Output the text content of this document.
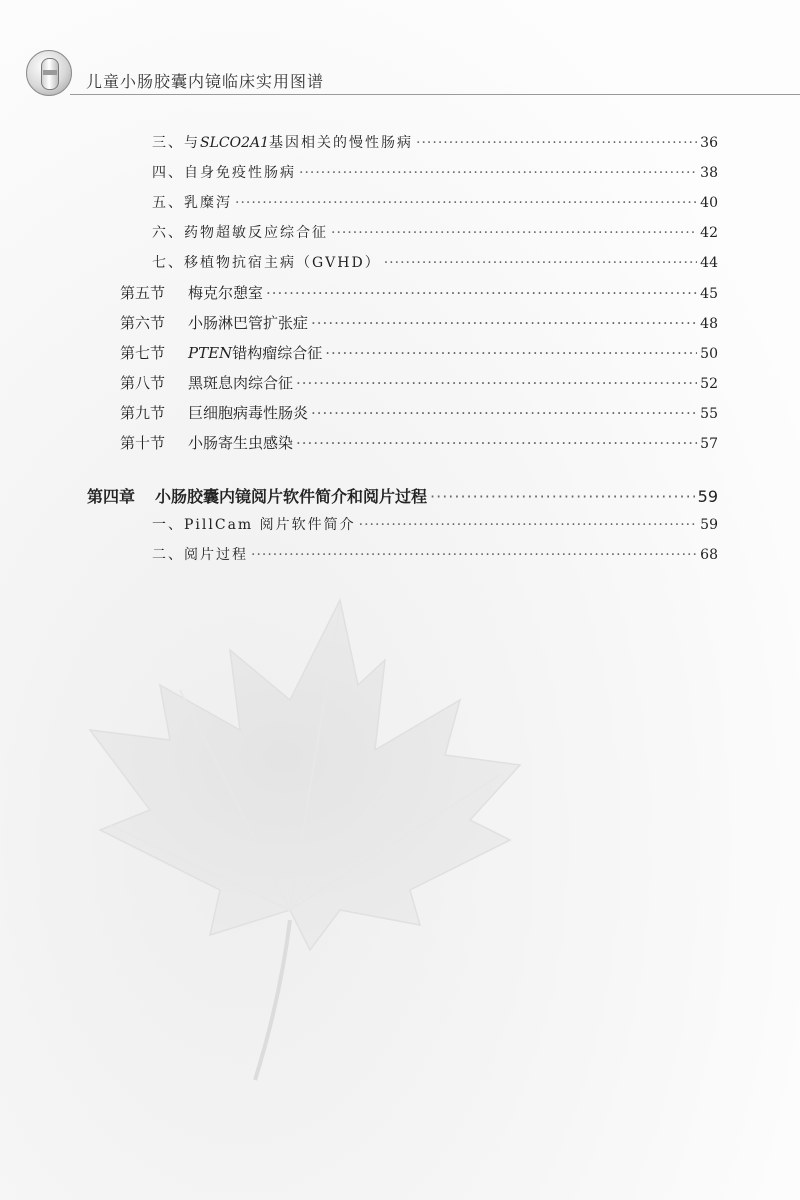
儿童小肠胶囊内镜临床实用图谱
三、与 SLCO2A1 基因相关的慢性肠病 ·····	36
四、自身免疫性肠病 ·····	38
五、乳糜泻 ·····	40
六、药物超敏反应综合征 ·····	42
七、移植物抗宿主病（GVHD） ·····	44
第五节	梅克尔憩室 ·····	45
第六节	小肠淋巴管扩张症 ·····	48
第七节	PTEN 错构瘤综合征 ·····	50
第八节	黑斑息肉综合征 ·····	52
第九节	巨细胞病毒性肠炎 ·····	55
第十节	小肠寄生虫感染 ·····	57
第四章	小肠胶囊内镜阅片软件简介和阅片过程 ·····	59
一、PillCam 阅片软件简介 ·····	59
二、阅片过程 ·····	68
